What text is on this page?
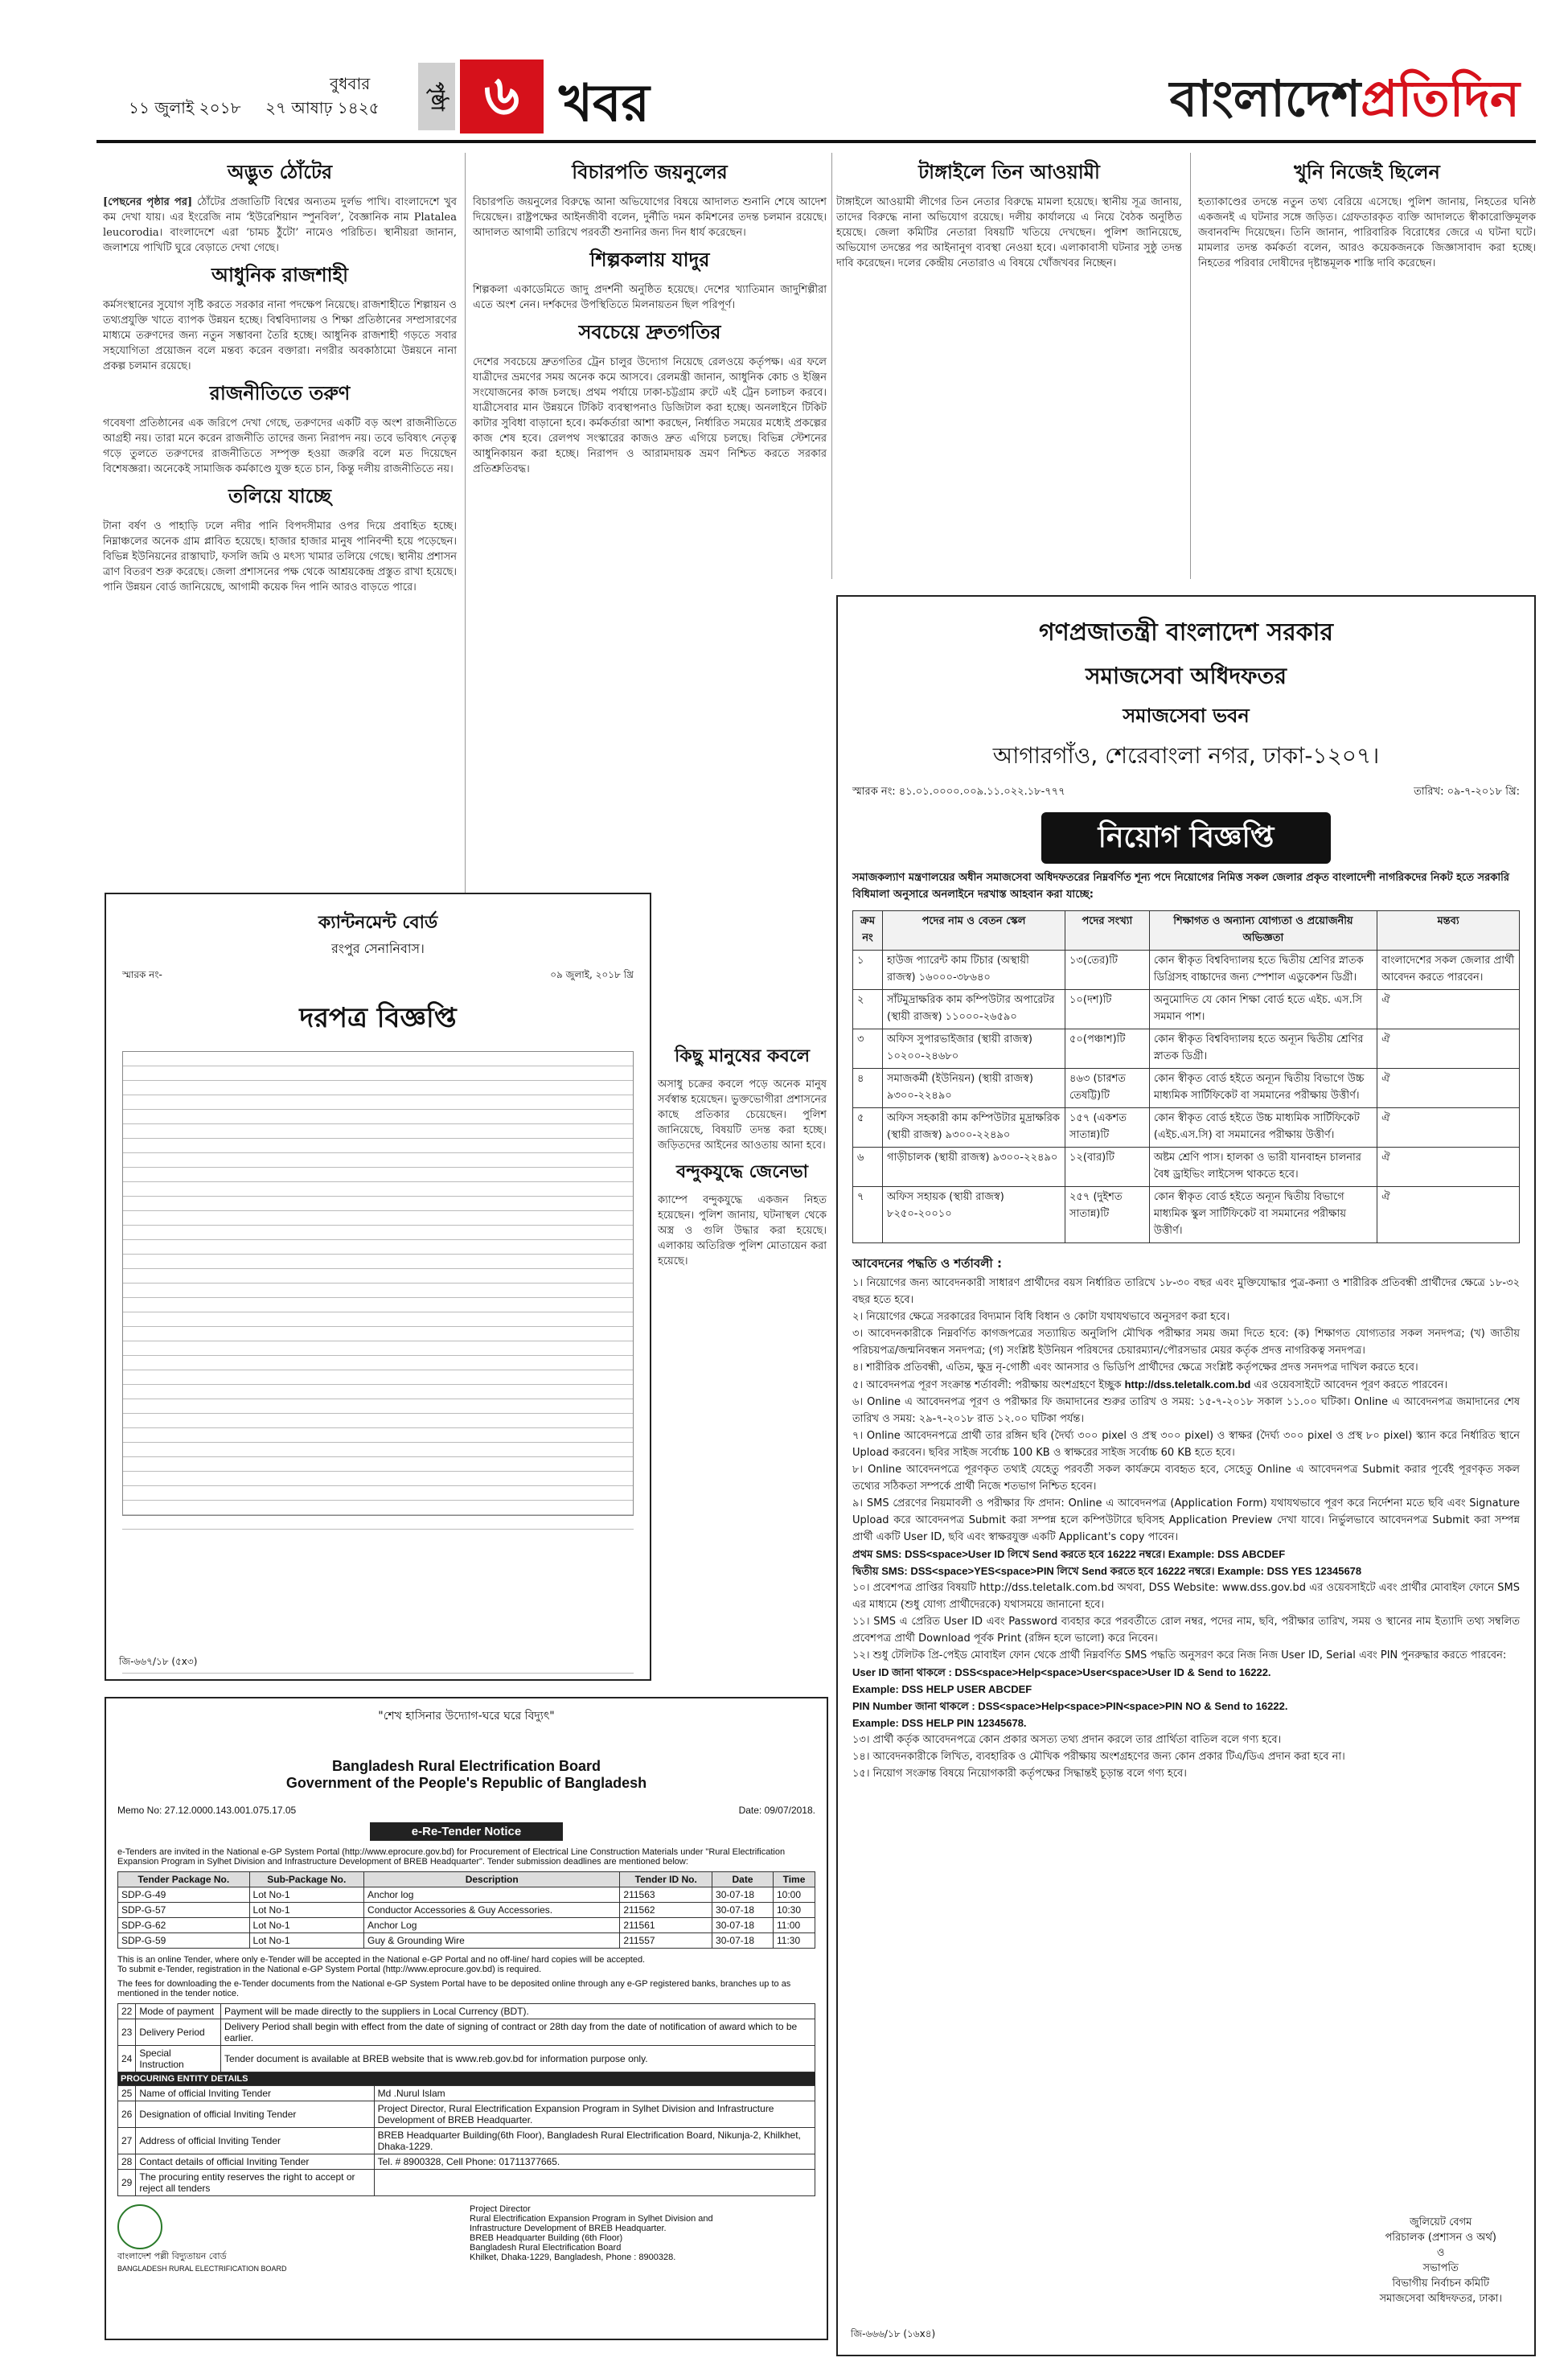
বুধবার
১১ জুলাই ২০১৮ ২৭ আষাঢ় ১৪২৫	পৃষ্ঠা ৬ খবর	বাংলাদেশপ্রতিদিন
অদ্ভুত ঠোঁটের

[পেছনের পৃষ্ঠার পর] ঠোঁটের প্রজাতিটি বিশ্বের অন্যতম দুর্লভ পাখি। বাংলাদেশে খুব কম দেখা যায়। এর ইংরেজি নাম ‘ইউরেশিয়ান স্পুনবিল’, বৈজ্ঞানিক নাম Platalea leucorodia। বাংলাদেশে এরা ‘চামচ ঠুঁটো’ নামেও পরিচিত। স্থানীয়রা জানান, জলাশয়ে পাখিটি ঘুরে বেড়াতে দেখা গেছে।

আধুনিক রাজশাহী

কর্মসংস্থানের সুযোগ সৃষ্টি করতে সরকার নানা পদক্ষেপ নিয়েছে। রাজশাহীতে শিল্পায়ন ও তথ্যপ্রযুক্তি খাতে ব্যাপক উন্নয়ন হচ্ছে। বিশ্ববিদ্যালয় ও শিক্ষা প্রতিষ্ঠানের সম্প্রসারণের মাধ্যমে তরুণদের জন্য নতুন সম্ভাবনা তৈরি হচ্ছে। আধুনিক রাজশাহী গড়তে সবার সহযোগিতা প্রয়োজন বলে মন্তব্য করেন বক্তারা। নগরীর অবকাঠামো উন্নয়নে নানা প্রকল্প চলমান রয়েছে।

রাজনীতিতে তরুণ

গবেষণা প্রতিষ্ঠানের এক জরিপে দেখা গেছে, তরুণদের একটি বড় অংশ রাজনীতিতে আগ্রহী নয়। তারা মনে করেন রাজনীতি তাদের জন্য নিরাপদ নয়। তবে ভবিষ্যৎ নেতৃত্ব গড়ে তুলতে তরুণদের রাজনীতিতে সম্পৃক্ত হওয়া জরুরি বলে মত দিয়েছেন বিশেষজ্ঞরা। অনেকেই সামাজিক কর্মকাণ্ডে যুক্ত হতে চান, কিন্তু দলীয় রাজনীতিতে নয়।

তলিয়ে যাচ্ছে

টানা বর্ষণ ও পাহাড়ি ঢলে নদীর পানি বিপদসীমার ওপর দিয়ে প্রবাহিত হচ্ছে। নিম্নাঞ্চলের অনেক গ্রাম প্লাবিত হয়েছে। হাজার হাজার মানুষ পানিবন্দী হয়ে পড়েছেন। বিভিন্ন ইউনিয়নের রাস্তাঘাট, ফসলি জমি ও মৎস্য খামার তলিয়ে গেছে। স্থানীয় প্রশাসন ত্রাণ বিতরণ শুরু করেছে। জেলা প্রশাসনের পক্ষ থেকে আশ্রয়কেন্দ্র প্রস্তুত রাখা হয়েছে। পানি উন্নয়ন বোর্ড জানিয়েছে, আগামী কয়েক দিন পানি আরও বাড়তে পারে।

বিচারপতি জয়নুলের

বিচারপতি জয়নুলের বিরুদ্ধে আনা অভিযোগের বিষয়ে আদালত শুনানি শেষে আদেশ দিয়েছেন। রাষ্ট্রপক্ষের আইনজীবী বলেন, দুর্নীতি দমন কমিশনের তদন্ত চলমান রয়েছে। আদালত আগামী তারিখে পরবর্তী শুনানির জন্য দিন ধার্য করেছেন।

শিল্পকলায় যাদুর

শিল্পকলা একাডেমিতে জাদু প্রদর্শনী অনুষ্ঠিত হয়েছে। দেশের খ্যাতিমান জাদুশিল্পীরা এতে অংশ নেন। দর্শকদের উপস্থিতিতে মিলনায়তন ছিল পরিপূর্ণ।

সবচেয়ে দ্রুতগতির

দেশের সবচেয়ে দ্রুতগতির ট্রেন চালুর উদ্যোগ নিয়েছে রেলওয়ে কর্তৃপক্ষ। এর ফলে যাত্রীদের ভ্রমণের সময় অনেক কমে আসবে। রেলমন্ত্রী জানান, আধুনিক কোচ ও ইঞ্জিন সংযোজনের কাজ চলছে। প্রথম পর্যায়ে ঢাকা-চট্টগ্রাম রুটে এই ট্রেন চলাচল করবে। যাত্রীসেবার মান উন্নয়নে টিকিট ব্যবস্থাপনাও ডিজিটাল করা হচ্ছে। অনলাইনে টিকিট কাটার সুবিধা বাড়ানো হবে। কর্মকর্তারা আশা করছেন, নির্ধারিত সময়ের মধ্যেই প্রকল্পের কাজ শেষ হবে। রেলপথ সংস্কারের কাজও দ্রুত এগিয়ে চলছে। বিভিন্ন স্টেশনের আধুনিকায়ন করা হচ্ছে। নিরাপদ ও আরামদায়ক ভ্রমণ নিশ্চিত করতে সরকার প্রতিশ্রুতিবদ্ধ।

কিছু মানুষের কবলে

অসাধু চক্রের কবলে পড়ে অনেক মানুষ সর্বস্বান্ত হয়েছেন। ভুক্তভোগীরা প্রশাসনের কাছে প্রতিকার চেয়েছেন। পুলিশ জানিয়েছে, বিষয়টি তদন্ত করা হচ্ছে। জড়িতদের আইনের আওতায় আনা হবে।

বন্দুকযুদ্ধে জেনেভা

ক্যাম্পে বন্দুকযুদ্ধে একজন নিহত হয়েছেন। পুলিশ জানায়, ঘটনাস্থল থেকে অস্ত্র ও গুলি উদ্ধার করা হয়েছে। এলাকায় অতিরিক্ত পুলিশ মোতায়েন করা হয়েছে।

টাঙ্গাইলে তিন আওয়ামী

টাঙ্গাইলে আওয়ামী লীগের তিন নেতার বিরুদ্ধে মামলা হয়েছে। স্থানীয় সূত্র জানায়, তাদের বিরুদ্ধে নানা অভিযোগ রয়েছে। দলীয় কার্যালয়ে এ নিয়ে বৈঠক অনুষ্ঠিত হয়েছে। জেলা কমিটির নেতারা বিষয়টি খতিয়ে দেখছেন। পুলিশ জানিয়েছে, অভিযোগ তদন্তের পর আইনানুগ ব্যবস্থা নেওয়া হবে। এলাকাবাসী ঘটনার সুষ্ঠু তদন্ত দাবি করেছেন। দলের কেন্দ্রীয় নেতারাও এ বিষয়ে খোঁজখবর নিচ্ছেন।

খুনি নিজেই ছিলেন

হত্যাকাণ্ডের তদন্তে নতুন তথ্য বেরিয়ে এসেছে। পুলিশ জানায়, নিহতের ঘনিষ্ঠ একজনই এ ঘটনার সঙ্গে জড়িত। গ্রেফতারকৃত ব্যক্তি আদালতে স্বীকারোক্তিমূলক জবানবন্দি দিয়েছেন। তিনি জানান, পারিবারিক বিরোধের জেরে এ ঘটনা ঘটে। মামলার তদন্ত কর্মকর্তা বলেন, আরও কয়েকজনকে জিজ্ঞাসাবাদ করা হচ্ছে। নিহতের পরিবার দোষীদের দৃষ্টান্তমূলক শাস্তি দাবি করেছেন।

ক্যান্টনমেন্ট বোর্ড
রংপুর সেনানিবাস।
স্মারক নং-	০৯ জুলাই, ২০১৮ খ্রি
দরপত্র বিজ্ঞপ্তি
জি-৬৬৭/১৮ (৫x৩)
"শেখ হাসিনার উদ্যোগ-ঘরে ঘরে বিদ্যুৎ"
Bangladesh Rural Electrification Board
Government of the People's Republic of Bangladesh
Memo No: 27.12.0000.143.001.075.17.05	Date: 09/07/2018.
e-Re-Tender Notice

e-Tenders are invited in the National e-GP System Portal (http://www.eprocure.gov.bd) for Procurement of Electrical Line Construction Materials under "Rural Electrification Expansion Program in Sylhet Division and Infrastructure Development of BREB Headquarter". Tender submission deadlines are mentioned below:

Tender Package No.	Sub-Package No.	Description	Tender ID No.	Date	Time
SDP-G-49	Lot No-1	Anchor log	211563	30-07-18	10:00
SDP-G-57	Lot No-1	Conductor Accessories & Guy Accessories.	211562	30-07-18	10:30
SDP-G-62	Lot No-1	Anchor Log	211561	30-07-18	11:00
SDP-G-59	Lot No-1	Guy & Grounding Wire	211557	30-07-18	11:30

This is an online Tender, where only e-Tender will be accepted in the National e-GP Portal and no off-line/ hard copies will be accepted.

To submit e-Tender, registration in the National e-GP System Portal (http://www.eprocure.gov.bd) is required.

The fees for downloading the e-Tender documents from the National e-GP System Portal have to be deposited online through any e-GP registered banks, branches up to as mentioned in the tender notice.

22	Mode of payment	Payment will be made directly to the suppliers in Local Currency (BDT).
23	Delivery Period	Delivery Period shall begin with effect from the date of signing of contract or 28th day from the date of notification of award which to be earlier.
24	Special Instruction	Tender document is available at BREB website that is www.reb.gov.bd for information purpose only.
PROCURING ENTITY DETAILS
25	Name of official Inviting Tender	Md .Nurul Islam
26	Designation of official Inviting Tender	Project Director, Rural Electrification Expansion Program in Sylhet Division and Infrastructure Development of BREB Headquarter.
27	Address of official Inviting Tender	BREB Headquarter Building(6th Floor), Bangladesh Rural Electrification Board, Nikunja-2, Khilkhet, Dhaka-1229.
28	Contact details of official Inviting Tender	Tel. # 8900328, Cell Phone: 01711377665.
29	The procuring entity reserves the right to accept or reject all tenders	
বাংলাদেশ পল্লী বিদ্যুতায়ন বোর্ড
BANGLADESH RURAL ELECTRIFICATION BOARD
Project Director
Rural Electrification Expansion Program in Sylhet Division and
Infrastructure Development of BREB Headquarter.
BREB Headquarter Building (6th Floor)
Bangladesh Rural Electrification Board
Khilket, Dhaka-1229, Bangladesh, Phone : 8900328.
গণপ্রজাতন্ত্রী বাংলাদেশ সরকার
সমাজসেবা অধিদফতর
সমাজসেবা ভবন
আগারগাঁও, শেরেবাংলা নগর, ঢাকা-১২০৭।
স্মারক নং: ৪১.০১.০০০০.০০৯.১১.০২২.১৮-৭৭৭	তারিখ: ০৯-৭-২০১৮ খ্রি:
নিয়োগ বিজ্ঞপ্তি

সমাজকল্যাণ মন্ত্রণালয়ের অধীন সমাজসেবা অধিদফতরের নিম্নবর্ণিত শূন্য পদে নিয়োগের নিমিত্ত সকল জেলার প্রকৃত বাংলাদেশী নাগরিকদের নিকট হতে সরকারি বিধিমালা অনুসারে অনলাইনে দরখাস্ত আহবান করা যাচ্ছে:

ক্রম নং	পদের নাম ও বেতন স্কেল	পদের সংখ্যা	শিক্ষাগত ও অন্যান্য যোগ্যতা ও প্রয়োজনীয় অভিজ্ঞতা	মন্তব্য
১	হাউজ প্যারেন্ট কাম টিচার (অস্থায়ী রাজস্ব) ১৬০০০-৩৮৬৪০	১৩(তের)টি	কোন স্বীকৃত বিশ্ববিদ্যালয় হতে দ্বিতীয় শ্রেণির স্নাতক ডিগ্রিসহ বাচ্চাদের জন্য স্পেশাল এডুকেশন ডিগ্রী।	বাংলাদেশের সকল জেলার প্রার্থী আবেদন করতে পারবেন।
২	সাঁটমুদ্রাক্ষরিক কাম কম্পিউটার অপারেটর (স্থায়ী রাজস্ব) ১১০০০-২৬৫৯০	১০(দশ)টি	অনুমোদিত যে কোন শিক্ষা বোর্ড হতে এইচ. এস.সি সমমান পাশ।	ঐ
৩	অফিস সুপারভাইজার (স্থায়ী রাজস্ব) ১০২০০-২৪৬৮০	৫০(পঞ্চাশ)টি	কোন স্বীকৃত বিশ্ববিদ্যালয় হতে অন্যূন দ্বিতীয় শ্রেণির স্নাতক ডিগ্রী।	ঐ
৪	সমাজকর্মী (ইউনিয়ন) (স্থায়ী রাজস্ব) ৯৩০০-২২৪৯০	৪৬৩ (চারশত তেষট্টি)টি	কোন স্বীকৃত বোর্ড হইতে অন্যূন দ্বিতীয় বিভাগে উচ্চ মাধ্যমিক সার্টিফিকেট বা সমমানের পরীক্ষায় উত্তীর্ণ।	ঐ
৫	অফিস সহকারী কাম কম্পিউটার মুদ্রাক্ষরিক (স্থায়ী রাজস্ব) ৯৩০০-২২৪৯০	১৫৭ (একশত সাতান্ন)টি	কোন স্বীকৃত বোর্ড হইতে উচ্চ মাধ্যমিক সার্টিফিকেট (এইচ.এস.সি) বা সমমানের পরীক্ষায় উত্তীর্ণ।	ঐ
৬	গাড়ীচালক (স্থায়ী রাজস্ব) ৯৩০০-২২৪৯০	১২(বার)টি	অষ্টম শ্রেণি পাস। হালকা ও ভারী যানবাহন চালনার বৈধ ড্রাইভিং লাইসেন্স থাকতে হবে।	ঐ
৭	অফিস সহায়ক (স্থায়ী রাজস্ব) ৮২৫০-২০০১০	২৫৭ (দুইশত সাতান্ন)টি	কোন স্বীকৃত বোর্ড হইতে অন্যূন দ্বিতীয় বিভাগে মাধ্যমিক স্কুল সার্টিফিকেট বা সমমানের পরীক্ষায় উত্তীর্ণ।	ঐ
আবেদনের পদ্ধতি ও শর্তাবলী :

১। নিয়োগের জন্য আবেদনকারী সাধারণ প্রার্থীদের বয়স নির্ধারিত তারিখে ১৮-৩০ বছর এবং মুক্তিযোদ্ধার পুত্র-কন্যা ও শারীরিক প্রতিবন্ধী প্রার্থীদের ক্ষেত্রে ১৮-৩২ বছর হতে হবে।

২। নিয়োগের ক্ষেত্রে সরকারের বিদ্যমান বিধি বিধান ও কোটা যথাযথভাবে অনুসরণ করা হবে।

৩। আবেদনকারীকে নিম্নবর্ণিত কাগজপত্রের সত্যায়িত অনুলিপি মৌখিক পরীক্ষার সময় জমা দিতে হবে: (ক) শিক্ষাগত যোগ্যতার সকল সনদপত্র; (খ) জাতীয় পরিচয়পত্র/জন্মনিবন্ধন সনদপত্র; (গ) সংশ্লিষ্ট ইউনিয়ন পরিষদের চেয়ারম্যান/পৌরসভার মেয়র কর্তৃক প্রদত্ত নাগরিকত্ব সনদপত্র।

৪। শারীরিক প্রতিবন্ধী, এতিম, ক্ষুদ্র নৃ-গোষ্ঠী এবং আনসার ও ভিডিপি প্রার্থীদের ক্ষেত্রে সংশ্লিষ্ট কর্তৃপক্ষের প্রদত্ত সনদপত্র দাখিল করতে হবে।

৫। আবেদনপত্র পূরণ সংক্রান্ত শর্তাবলী: পরীক্ষায় অংশগ্রহণে ইচ্ছুক http://dss.teletalk.com.bd এর ওয়েবসাইটে আবেদন পূরণ করতে পারবেন।

৬। Online এ আবেদনপত্র পূরণ ও পরীক্ষার ফি জমাদানের শুরুর তারিখ ও সময়: ১৫-৭-২০১৮ সকাল ১১.০০ ঘটিকা। Online এ আবেদনপত্র জমাদানের শেষ তারিখ ও সময়: ২৯-৭-২০১৮ রাত ১২.০০ ঘটিকা পর্যন্ত।

৭। Online আবেদনপত্রে প্রার্থী তার রঙ্গিন ছবি (দৈর্ঘ্য ৩০০ pixel ও প্রস্থ ৩০০ pixel) ও স্বাক্ষর (দৈর্ঘ্য ৩০০ pixel ও প্রস্থ ৮০ pixel) স্ক্যান করে নির্ধারিত স্থানে Upload করবেন। ছবির সাইজ সর্বোচ্চ 100 KB ও স্বাক্ষরের সাইজ সর্বোচ্চ 60 KB হতে হবে।

৮। Online আবেদনপত্রে পূরণকৃত তথ্যই যেহেতু পরবর্তী সকল কার্যক্রমে ব্যবহৃত হবে, সেহেতু Online এ আবেদনপত্র Submit করার পূর্বেই পূরণকৃত সকল তথ্যের সঠিকতা সম্পর্কে প্রার্থী নিজে শতভাগ নিশ্চিত হবেন।

৯। SMS প্রেরণের নিয়মাবলী ও পরীক্ষার ফি প্রদান: Online এ আবেদনপত্র (Application Form) যথাযথভাবে পূরণ করে নির্দেশনা মতে ছবি এবং Signature Upload করে আবেদনপত্র Submit করা সম্পন্ন হলে কম্পিউটারে ছবিসহ Application Preview দেখা যাবে। নির্ভুলভাবে আবেদনপত্র Submit করা সম্পন্ন প্রার্থী একটি User ID, ছবি এবং স্বাক্ষরযুক্ত একটি Applicant's copy পাবেন।

প্রথম SMS: DSS<space>User ID লিখে Send করতে হবে 16222 নম্বরে। Example: DSS ABCDEF

দ্বিতীয় SMS: DSS<space>YES<space>PIN লিখে Send করতে হবে 16222 নম্বরে। Example: DSS YES 12345678

১০। প্রবেশপত্র প্রাপ্তির বিষয়টি http://dss.teletalk.com.bd অথবা, DSS Website: www.dss.gov.bd এর ওয়েবসাইটে এবং প্রার্থীর মোবাইল ফোনে SMS এর মাধ্যমে (শুধু যোগ্য প্রার্থীদেরকে) যথাসময়ে জানানো হবে।

১১। SMS এ প্রেরিত User ID এবং Password ব্যবহার করে পরবর্তীতে রোল নম্বর, পদের নাম, ছবি, পরীক্ষার তারিখ, সময় ও স্থানের নাম ইত্যাদি তথ্য সম্বলিত প্রবেশপত্র প্রার্থী Download পূর্বক Print (রঙ্গিন হলে ভালো) করে নিবেন।

১২। শুধু টেলিটক প্রি-পেইড মোবাইল ফোন থেকে প্রার্থী নিম্নবর্ণিত SMS পদ্ধতি অনুসরণ করে নিজ নিজ User ID, Serial এবং PIN পুনরুদ্ধার করতে পারবেন:

User ID জানা থাকলে : DSS<space>Help<space>User<space>User ID & Send to 16222.

Example: DSS HELP USER ABCDEF

PIN Number জানা থাকলে : DSS<space>Help<space>PIN<space>PIN NO & Send to 16222.

Example: DSS HELP PIN 12345678.

১৩। প্রার্থী কর্তৃক আবেদনপত্রে কোন প্রকার অসত্য তথ্য প্রদান করলে তার প্রার্থিতা বাতিল বলে গণ্য হবে।

১৪। আবেদনকারীকে লিখিত, ব্যবহারিক ও মৌখিক পরীক্ষায় অংশগ্রহণের জন্য কোন প্রকার টিএ/ডিএ প্রদান করা হবে না।

১৫। নিয়োগ সংক্রান্ত বিষয়ে নিয়োগকারী কর্তৃপক্ষের সিদ্ধান্তই চূড়ান্ত বলে গণ্য হবে।

জুলিয়েট বেগম
পরিচালক (প্রশাসন ও অর্থ)
ও
সভাপতি
বিভাগীয় নির্বাচন কমিটি
সমাজসেবা অধিদফতর, ঢাকা।
জি-৬৬৬/১৮ (১৬x৪)
